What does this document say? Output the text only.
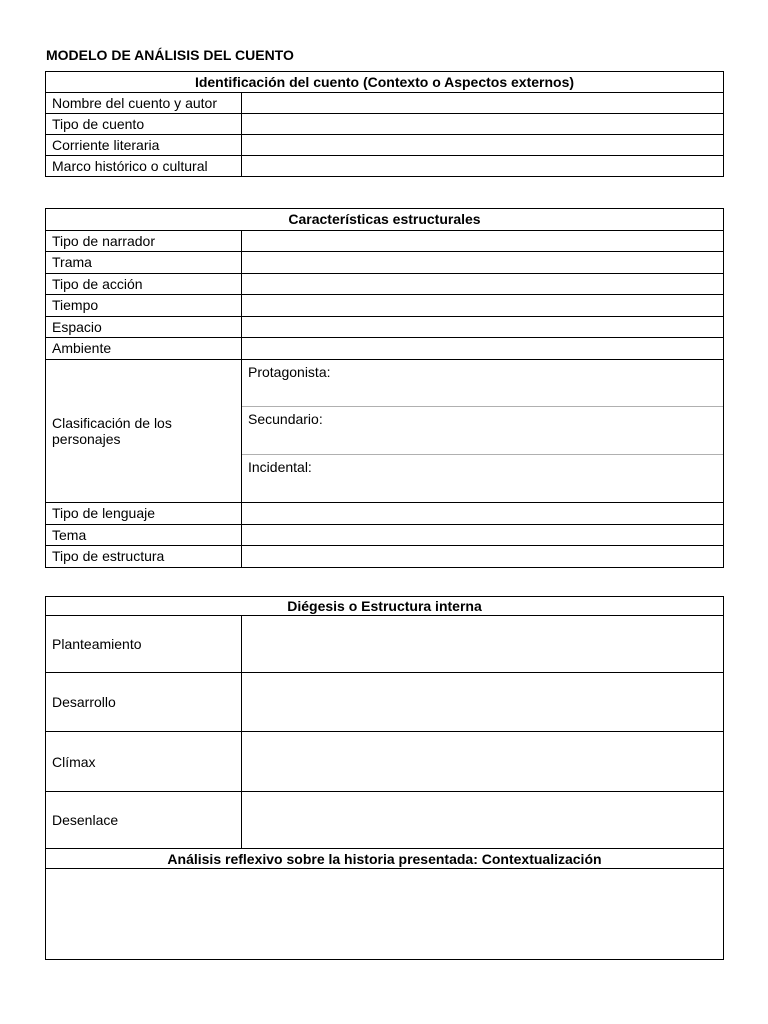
MODELO DE ANÁLISIS DEL CUENTO
Identificación del cuento (Contexto o Aspectos externos)	
Nombre del cuento y autor	
Tipo de cuento	
Corriente literaria	
Marco histórico o cultural	
Características estructurales	
Tipo de narrador	
Trama	
Tipo de acción	
Tiempo	
Espacio	
Ambiente	
Clasificación de los personajes	Protagonista:
Secundario:
Incidental:

Tipo de lenguaje	
Tema	
Tipo de estructura	
Diégesis o Estructura interna	
Planteamiento	
Desarrollo	
Clímax	
Desenlace	
Análisis reflexivo sobre la historia presentada: Contextualización	
